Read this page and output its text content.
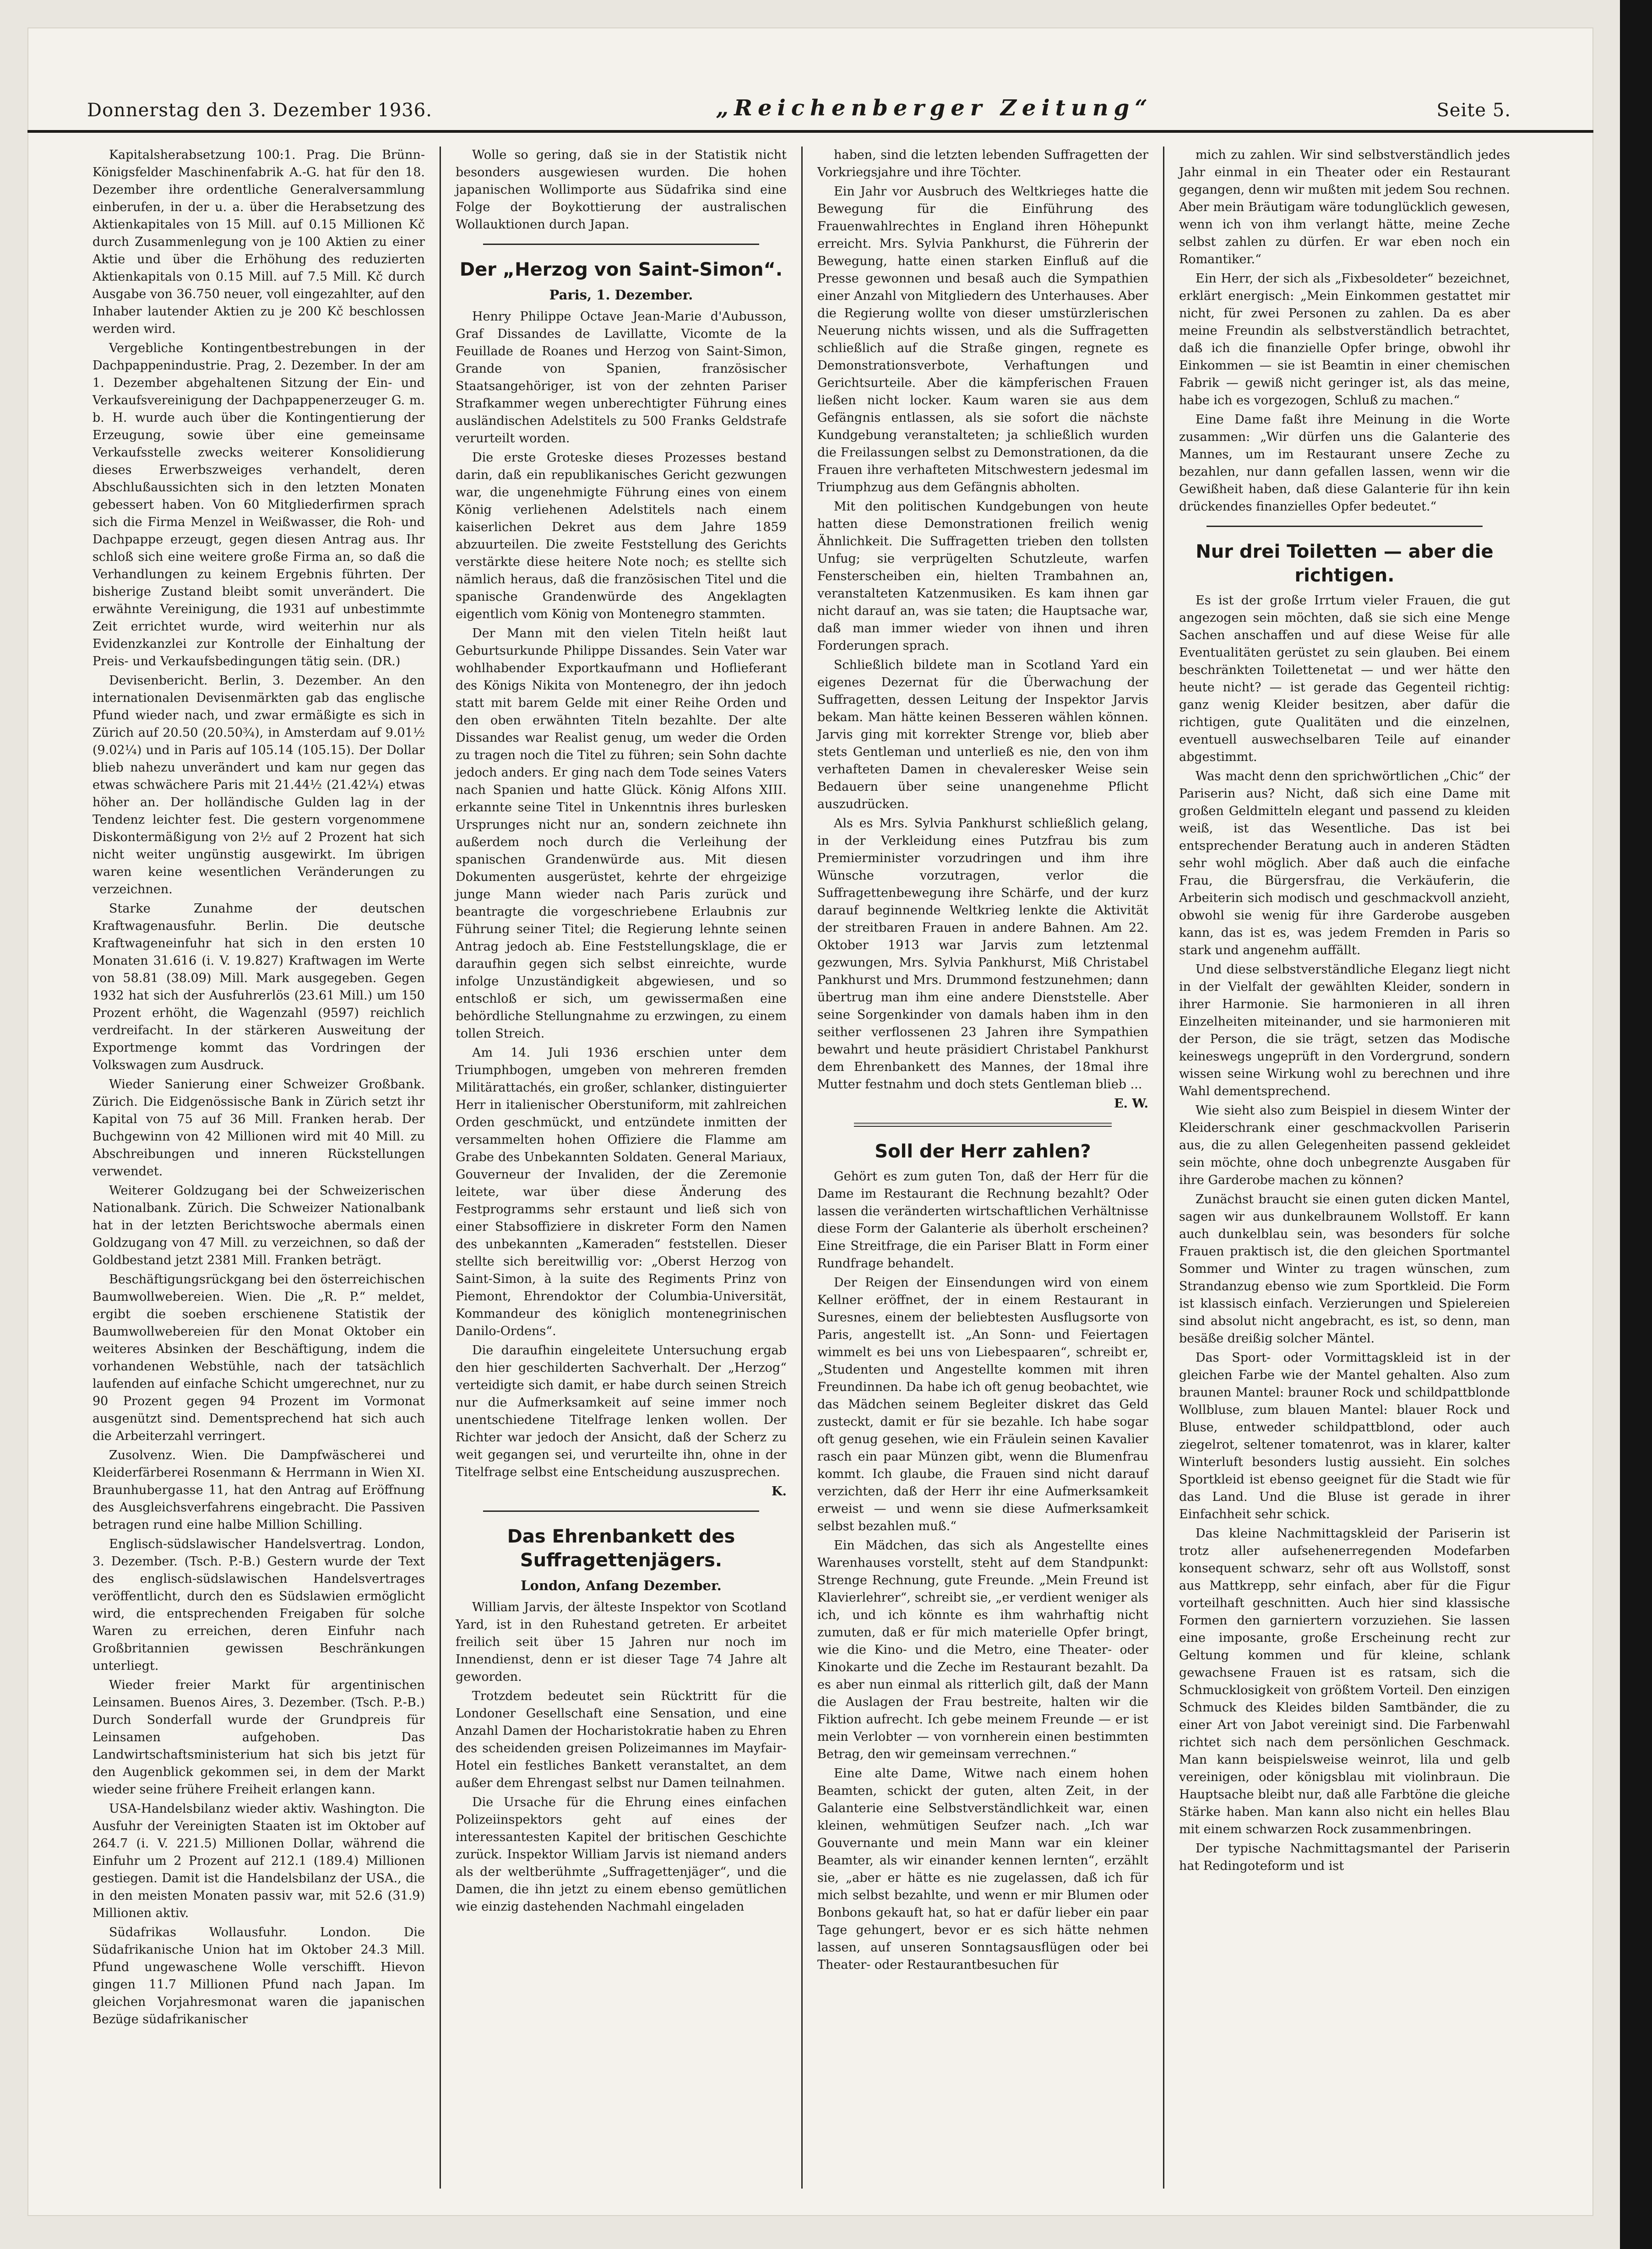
Donnerstag den 3. Dezember 1936.	„Reichenberger Zeitung“	Seite 5.

Kapitalsherabsetzung 100:1. Prag. Die Brünn-Königsfelder Maschinenfabrik A.-G. hat für den 18. Dezember ihre ordentliche Generalversammlung einberufen, in der u. a. über die Herabsetzung des Aktienkapitales von 15 Mill. auf 0.15 Millionen Kč durch Zusammenlegung von je 100 Aktien zu einer Aktie und über die Erhöhung des reduzierten Aktienkapitals von 0.15 Mill. auf 7.5 Mill. Kč durch Ausgabe von 36.750 neuer, voll eingezahlter, auf den Inhaber lautender Aktien zu je 200 Kč beschlossen werden wird.

Vergebliche Kontingentbestrebungen in der Dachpappenindustrie. Prag, 2. Dezember. In der am 1. Dezember abgehaltenen Sitzung der Ein- und Verkaufsvereinigung der Dachpappenerzeuger G. m. b. H. wurde auch über die Kontingentierung der Erzeugung, sowie über eine gemeinsame Verkaufsstelle zwecks weiterer Konsolidierung dieses Erwerbszweiges verhandelt, deren Abschlußaussichten sich in den letzten Monaten gebessert haben. Von 60 Mitgliederfirmen sprach sich die Firma Menzel in Weißwasser, die Roh- und Dachpappe erzeugt, gegen diesen Antrag aus. Ihr schloß sich eine weitere große Firma an, so daß die Verhandlungen zu keinem Ergebnis führten. Der bisherige Zustand bleibt somit unverändert. Die erwähnte Vereinigung, die 1931 auf unbestimmte Zeit errichtet wurde, wird weiterhin nur als Evidenzkanzlei zur Kontrolle der Einhaltung der Preis- und Verkaufsbedingungen tätig sein. (DR.)

Devisenbericht. Berlin, 3. Dezember. An den internationalen Devisenmärkten gab das englische Pfund wieder nach, und zwar ermäßigte es sich in Zürich auf 20.50 (20.50¾), in Amsterdam auf 9.01½ (9.02¼) und in Paris auf 105.14 (105.15). Der Dollar blieb nahezu unverändert und kam nur gegen das etwas schwächere Paris mit 21.44½ (21.42¼) etwas höher an. Der holländische Gulden lag in der Tendenz leichter fest. Die gestern vorgenommene Diskontermäßigung von 2½ auf 2 Prozent hat sich nicht weiter ungünstig ausgewirkt. Im übrigen waren keine wesentlichen Veränderungen zu verzeichnen.

Starke Zunahme der deutschen Kraftwagenausfuhr. Berlin. Die deutsche Kraftwageneinfuhr hat sich in den ersten 10 Monaten 31.616 (i. V. 19.827) Kraftwagen im Werte von 58.81 (38.09) Mill. Mark ausgegeben. Gegen 1932 hat sich der Ausfuhrerlös (23.61 Mill.) um 150 Prozent erhöht, die Wagenzahl (9597) reichlich verdreifacht. In der stärkeren Ausweitung der Exportmenge kommt das Vordringen der Volkswagen zum Ausdruck.

Wieder Sanierung einer Schweizer Großbank. Zürich. Die Eidgenössische Bank in Zürich setzt ihr Kapital von 75 auf 36 Mill. Franken herab. Der Buchgewinn von 42 Millionen wird mit 40 Mill. zu Abschreibungen und inneren Rückstellungen verwendet.

Weiterer Goldzugang bei der Schweizerischen Nationalbank. Zürich. Die Schweizer Nationalbank hat in der letzten Berichtswoche abermals einen Goldzugang von 47 Mill. zu verzeichnen, so daß der Goldbestand jetzt 2381 Mill. Franken beträgt.

Beschäftigungsrückgang bei den österreichischen Baumwollwebereien. Wien. Die „R. P.“ meldet, ergibt die soeben erschienene Statistik der Baumwollwebereien für den Monat Oktober ein weiteres Absinken der Beschäftigung, indem die vorhandenen Webstühle, nach der tatsächlich laufenden auf einfache Schicht umgerechnet, nur zu 90 Prozent gegen 94 Prozent im Vormonat ausgenützt sind. Dementsprechend hat sich auch die Arbeiterzahl verringert.

Zusolvenz. Wien. Die Dampfwäscherei und Kleiderfärberei Rosenmann & Herrmann in Wien XI. Braunhubergasse 11, hat den Antrag auf Eröffnung des Ausgleichsverfahrens eingebracht. Die Passiven betragen rund eine halbe Million Schilling.

Englisch-südslawischer Handelsvertrag. London, 3. Dezember. (Tsch. P.-B.) Gestern wurde der Text des englisch-südslawischen Handelsvertrages veröffentlicht, durch den es Südslawien ermöglicht wird, die entsprechenden Freigaben für solche Waren zu erreichen, deren Einfuhr nach Großbritannien gewissen Beschränkungen unterliegt.

Wieder freier Markt für argentinischen Leinsamen. Buenos Aires, 3. Dezember. (Tsch. P.-B.) Durch Sonderfall wurde der Grundpreis für Leinsamen aufgehoben. Das Landwirtschaftsministerium hat sich bis jetzt für den Augenblick gekommen sei, in dem der Markt wieder seine frühere Freiheit erlangen kann.

USA-Handelsbilanz wieder aktiv. Washington. Die Ausfuhr der Vereinigten Staaten ist im Oktober auf 264.7 (i. V. 221.5) Millionen Dollar, während die Einfuhr um 2 Prozent auf 212.1 (189.4) Millionen gestiegen. Damit ist die Handelsbilanz der USA., die in den meisten Monaten passiv war, mit 52.6 (31.9) Millionen aktiv.

Südafrikas Wollausfuhr. London. Die Südafrikanische Union hat im Oktober 24.3 Mill. Pfund ungewaschene Wolle verschifft. Hievon gingen 11.7 Millionen Pfund nach Japan. Im gleichen Vorjahresmonat waren die japanischen Bezüge südafrikanischer

Wolle so gering, daß sie in der Statistik nicht besonders ausgewiesen wurden. Die hohen japanischen Wollimporte aus Südafrika sind eine Folge der Boykottierung der australischen Wollauktionen durch Japan.

Der „Herzog von Saint-Simon“.
Paris, 1. Dezember.

Henry Philippe Octave Jean-Marie d'Aubusson, Graf Dissandes de Lavillatte, Vicomte de la Feuillade de Roanes und Herzog von Saint-Simon, Grande von Spanien, französischer Staatsangehöriger, ist von der zehnten Pariser Strafkammer wegen unberechtigter Führung eines ausländischen Adelstitels zu 500 Franks Geldstrafe verurteilt worden.

Die erste Groteske dieses Prozesses bestand darin, daß ein republikanisches Gericht gezwungen war, die ungenehmigte Führung eines von einem König verliehenen Adelstitels nach einem kaiserlichen Dekret aus dem Jahre 1859 abzuurteilen. Die zweite Feststellung des Gerichts verstärkte diese heitere Note noch; es stellte sich nämlich heraus, daß die französischen Titel und die spanische Grandenwürde des Angeklagten eigentlich vom König von Montenegro stammten.

Der Mann mit den vielen Titeln heißt laut Geburtsurkunde Philippe Dissandes. Sein Vater war wohlhabender Exportkaufmann und Hoflieferant des Königs Nikita von Montenegro, der ihn jedoch statt mit barem Gelde mit einer Reihe Orden und den oben erwähnten Titeln bezahlte. Der alte Dissandes war Realist genug, um weder die Orden zu tragen noch die Titel zu führen; sein Sohn dachte jedoch anders. Er ging nach dem Tode seines Vaters nach Spanien und hatte Glück. König Alfons XIII. erkannte seine Titel in Unkenntnis ihres burlesken Ursprunges nicht nur an, sondern zeichnete ihn außerdem noch durch die Verleihung der spanischen Grandenwürde aus. Mit diesen Dokumenten ausgerüstet, kehrte der ehrgeizige junge Mann wieder nach Paris zurück und beantragte die vorgeschriebene Erlaubnis zur Führung seiner Titel; die Regierung lehnte seinen Antrag jedoch ab. Eine Feststellungsklage, die er daraufhin gegen sich selbst einreichte, wurde infolge Unzuständigkeit abgewiesen, und so entschloß er sich, um gewissermaßen eine behördliche Stellungnahme zu erzwingen, zu einem tollen Streich.

Am 14. Juli 1936 erschien unter dem Triumphbogen, umgeben von mehreren fremden Militärattachés, ein großer, schlanker, distinguierter Herr in italienischer Oberstuniform, mit zahlreichen Orden geschmückt, und entzündete inmitten der versammelten hohen Offiziere die Flamme am Grabe des Unbekannten Soldaten. General Mariaux, Gouverneur der Invaliden, der die Zeremonie leitete, war über diese Änderung des Festprogramms sehr erstaunt und ließ sich von einer Stabsoffiziere in diskreter Form den Namen des unbekannten „Kameraden“ feststellen. Dieser stellte sich bereitwillig vor: „Oberst Herzog von Saint-Simon, à la suite des Regiments Prinz von Piemont, Ehrendoktor der Columbia-Universität, Kommandeur des königlich montenegrinischen Danilo-Ordens“.

Die daraufhin eingeleitete Untersuchung ergab den hier geschilderten Sachverhalt. Der „Herzog“ verteidigte sich damit, er habe durch seinen Streich nur die Aufmerksamkeit auf seine immer noch unentschiedene Titelfrage lenken wollen. Der Richter war jedoch der Ansicht, daß der Scherz zu weit gegangen sei, und verurteilte ihn, ohne in der Titelfrage selbst eine Entscheidung auszusprechen.

K.
Das Ehrenbankett des Suffragettenjägers.
London, Anfang Dezember.

William Jarvis, der älteste Inspektor von Scotland Yard, ist in den Ruhestand getreten. Er arbeitet freilich seit über 15 Jahren nur noch im Innendienst, denn er ist dieser Tage 74 Jahre alt geworden.

Trotzdem bedeutet sein Rücktritt für die Londoner Gesellschaft eine Sensation, und eine Anzahl Damen der Hocharistokratie haben zu Ehren des scheidenden greisen Polizeimannes im Mayfair-Hotel ein festliches Bankett veranstaltet, an dem außer dem Ehrengast selbst nur Damen teilnahmen.

Die Ursache für die Ehrung eines einfachen Polizeiinspektors geht auf eines der interessantesten Kapitel der britischen Geschichte zurück. Inspektor William Jarvis ist niemand anders als der weltberühmte „Suffragettenjäger“, und die Damen, die ihn jetzt zu einem ebenso gemütlichen wie einzig dastehenden Nachmahl eingeladen

haben, sind die letzten lebenden Suffragetten der Vorkriegsjahre und ihre Töchter.

Ein Jahr vor Ausbruch des Weltkrieges hatte die Bewegung für die Einführung des Frauenwahlrechtes in England ihren Höhepunkt erreicht. Mrs. Sylvia Pankhurst, die Führerin der Bewegung, hatte einen starken Einfluß auf die Presse gewonnen und besaß auch die Sympathien einer Anzahl von Mitgliedern des Unterhauses. Aber die Regierung wollte von dieser umstürzlerischen Neuerung nichts wissen, und als die Suffragetten schließlich auf die Straße gingen, regnete es Demonstrationsverbote, Verhaftungen und Gerichtsurteile. Aber die kämpferischen Frauen ließen nicht locker. Kaum waren sie aus dem Gefängnis entlassen, als sie sofort die nächste Kundgebung veranstalteten; ja schließlich wurden die Freilassungen selbst zu Demonstrationen, da die Frauen ihre verhafteten Mitschwestern jedesmal im Triumphzug aus dem Gefängnis abholten.

Mit den politischen Kundgebungen von heute hatten diese Demonstrationen freilich wenig Ähnlichkeit. Die Suffragetten trieben den tollsten Unfug; sie verprügelten Schutzleute, warfen Fensterscheiben ein, hielten Trambahnen an, veranstalteten Katzenmusiken. Es kam ihnen gar nicht darauf an, was sie taten; die Hauptsache war, daß man immer wieder von ihnen und ihren Forderungen sprach.

Schließlich bildete man in Scotland Yard ein eigenes Dezernat für die Überwachung der Suffragetten, dessen Leitung der Inspektor Jarvis bekam. Man hätte keinen Besseren wählen können. Jarvis ging mit korrekter Strenge vor, blieb aber stets Gentleman und unterließ es nie, den von ihm verhafteten Damen in chevaleresker Weise sein Bedauern über seine unangenehme Pflicht auszudrücken.

Als es Mrs. Sylvia Pankhurst schließlich gelang, in der Verkleidung eines Putzfrau bis zum Premierminister vorzudringen und ihm ihre Wünsche vorzutragen, verlor die Suffragettenbewegung ihre Schärfe, und der kurz darauf beginnende Weltkrieg lenkte die Aktivität der streitbaren Frauen in andere Bahnen. Am 22. Oktober 1913 war Jarvis zum letztenmal gezwungen, Mrs. Sylvia Pankhurst, Miß Christabel Pankhurst und Mrs. Drummond festzunehmen; dann übertrug man ihm eine andere Dienststelle. Aber seine Sorgenkinder von damals haben ihm in den seither verflossenen 23 Jahren ihre Sympathien bewahrt und heute präsidiert Christabel Pankhurst dem Ehrenbankett des Mannes, der 18mal ihre Mutter festnahm und doch stets Gentleman blieb ...

E. W.
Soll der Herr zahlen?

Gehört es zum guten Ton, daß der Herr für die Dame im Restaurant die Rechnung bezahlt? Oder lassen die veränderten wirtschaftlichen Verhältnisse diese Form der Galanterie als überholt erscheinen? Eine Streitfrage, die ein Pariser Blatt in Form einer Rundfrage behandelt.

Der Reigen der Einsendungen wird von einem Kellner eröffnet, der in einem Restaurant in Suresnes, einem der beliebtesten Ausflugsorte von Paris, angestellt ist. „An Sonn- und Feiertagen wimmelt es bei uns von Liebespaaren“, schreibt er, „Studenten und Angestellte kommen mit ihren Freundinnen. Da habe ich oft genug beobachtet, wie das Mädchen seinem Begleiter diskret das Geld zusteckt, damit er für sie bezahle. Ich habe sogar oft genug gesehen, wie ein Fräulein seinen Kavalier rasch ein paar Münzen gibt, wenn die Blumenfrau kommt. Ich glaube, die Frauen sind nicht darauf verzichten, daß der Herr ihr eine Aufmerksamkeit erweist — und wenn sie diese Aufmerksamkeit selbst bezahlen muß.“

Ein Mädchen, das sich als Angestellte eines Warenhauses vorstellt, steht auf dem Standpunkt: Strenge Rechnung, gute Freunde. „Mein Freund ist Klavierlehrer“, schreibt sie, „er verdient weniger als ich, und ich könnte es ihm wahrhaftig nicht zumuten, daß er für mich materielle Opfer bringt, wie die Kino- und die Metro, eine Theater- oder Kinokarte und die Zeche im Restaurant bezahlt. Da es aber nun einmal als ritterlich gilt, daß der Mann die Auslagen der Frau bestreite, halten wir die Fiktion aufrecht. Ich gebe meinem Freunde — er ist mein Verlobter — von vornherein einen bestimmten Betrag, den wir gemeinsam verrechnen.“

Eine alte Dame, Witwe nach einem hohen Beamten, schickt der guten, alten Zeit, in der Galanterie eine Selbstverständlichkeit war, einen kleinen, wehmütigen Seufzer nach. „Ich war Gouvernante und mein Mann war ein kleiner Beamter, als wir einander kennen lernten“, erzählt sie, „aber er hätte es nie zugelassen, daß ich für mich selbst bezahlte, und wenn er mir Blumen oder Bonbons gekauft hat, so hat er dafür lieber ein paar Tage gehungert, bevor er es sich hätte nehmen lassen, auf unseren Sonntagsausflügen oder bei Theater- oder Restaurantbesuchen für

mich zu zahlen. Wir sind selbstverständlich jedes Jahr einmal in ein Theater oder ein Restaurant gegangen, denn wir mußten mit jedem Sou rechnen. Aber mein Bräutigam wäre todunglücklich gewesen, wenn ich von ihm verlangt hätte, meine Zeche selbst zahlen zu dürfen. Er war eben noch ein Romantiker.“

Ein Herr, der sich als „Fixbesoldeter“ bezeichnet, erklärt energisch: „Mein Einkommen gestattet mir nicht, für zwei Personen zu zahlen. Da es aber meine Freundin als selbstverständlich betrachtet, daß ich die finanzielle Opfer bringe, obwohl ihr Einkommen — sie ist Beamtin in einer chemischen Fabrik — gewiß nicht geringer ist, als das meine, habe ich es vorgezogen, Schluß zu machen.“

Eine Dame faßt ihre Meinung in die Worte zusammen: „Wir dürfen uns die Galanterie des Mannes, um im Restaurant unsere Zeche zu bezahlen, nur dann gefallen lassen, wenn wir die Gewißheit haben, daß diese Galanterie für ihn kein drückendes finanzielles Opfer bedeutet.“

Nur drei Toiletten — aber die richtigen.

Es ist der große Irrtum vieler Frauen, die gut angezogen sein möchten, daß sie sich eine Menge Sachen anschaffen und auf diese Weise für alle Eventualitäten gerüstet zu sein glauben. Bei einem beschränkten Toilettenetat — und wer hätte den heute nicht? — ist gerade das Gegenteil richtig: ganz wenig Kleider besitzen, aber dafür die richtigen, gute Qualitäten und die einzelnen, eventuell auswechselbaren Teile auf einander abgestimmt.

Was macht denn den sprichwörtlichen „Chic“ der Pariserin aus? Nicht, daß sich eine Dame mit großen Geldmitteln elegant und passend zu kleiden weiß, ist das Wesentliche. Das ist bei entsprechender Beratung auch in anderen Städten sehr wohl möglich. Aber daß auch die einfache Frau, die Bürgersfrau, die Verkäuferin, die Arbeiterin sich modisch und geschmackvoll anzieht, obwohl sie wenig für ihre Garderobe ausgeben kann, das ist es, was jedem Fremden in Paris so stark und angenehm auffällt.

Und diese selbstverständliche Eleganz liegt nicht in der Vielfalt der gewählten Kleider, sondern in ihrer Harmonie. Sie harmonieren in all ihren Einzelheiten miteinander, und sie harmonieren mit der Person, die sie trägt, setzen das Modische keineswegs ungeprüft in den Vordergrund, sondern wissen seine Wirkung wohl zu berechnen und ihre Wahl dementsprechend.

Wie sieht also zum Beispiel in diesem Winter der Kleiderschrank einer geschmackvollen Pariserin aus, die zu allen Gelegenheiten passend gekleidet sein möchte, ohne doch unbegrenzte Ausgaben für ihre Garderobe machen zu können?

Zunächst braucht sie einen guten dicken Mantel, sagen wir aus dunkelbraunem Wollstoff. Er kann auch dunkelblau sein, was besonders für solche Frauen praktisch ist, die den gleichen Sportmantel Sommer und Winter zu tragen wünschen, zum Strandanzug ebenso wie zum Sportkleid. Die Form ist klassisch einfach. Verzierungen und Spielereien sind absolut nicht angebracht, es ist, so denn, man besäße dreißig solcher Mäntel.

Das Sport- oder Vormittagskleid ist in der gleichen Farbe wie der Mantel gehalten. Also zum braunen Mantel: brauner Rock und schildpattblonde Wollbluse, zum blauen Mantel: blauer Rock und Bluse, entweder schildpattblond, oder auch ziegelrot, seltener tomatenrot, was in klarer, kalter Winterluft besonders lustig aussieht. Ein solches Sportkleid ist ebenso geeignet für die Stadt wie für das Land. Und die Bluse ist gerade in ihrer Einfachheit sehr schick.

Das kleine Nachmittagskleid der Pariserin ist trotz aller aufsehenerregenden Modefarben konsequent schwarz, sehr oft aus Wollstoff, sonst aus Mattkrepp, sehr einfach, aber für die Figur vorteilhaft geschnitten. Auch hier sind klassische Formen den garniertern vorzuziehen. Sie lassen eine imposante, große Erscheinung recht zur Geltung kommen und für kleine, schlank gewachsene Frauen ist es ratsam, sich die Schmucklosigkeit von größtem Vorteil. Den einzigen Schmuck des Kleides bilden Samtbänder, die zu einer Art von Jabot vereinigt sind. Die Farbenwahl richtet sich nach dem persönlichen Geschmack. Man kann beispielsweise weinrot, lila und gelb vereinigen, oder königsblau mit violinbraun. Die Hauptsache bleibt nur, daß alle Farbtöne die gleiche Stärke haben. Man kann also nicht ein helles Blau mit einem schwarzen Rock zusammenbringen.

Der typische Nachmittagsmantel der Pariserin hat Redingoteform und ist
